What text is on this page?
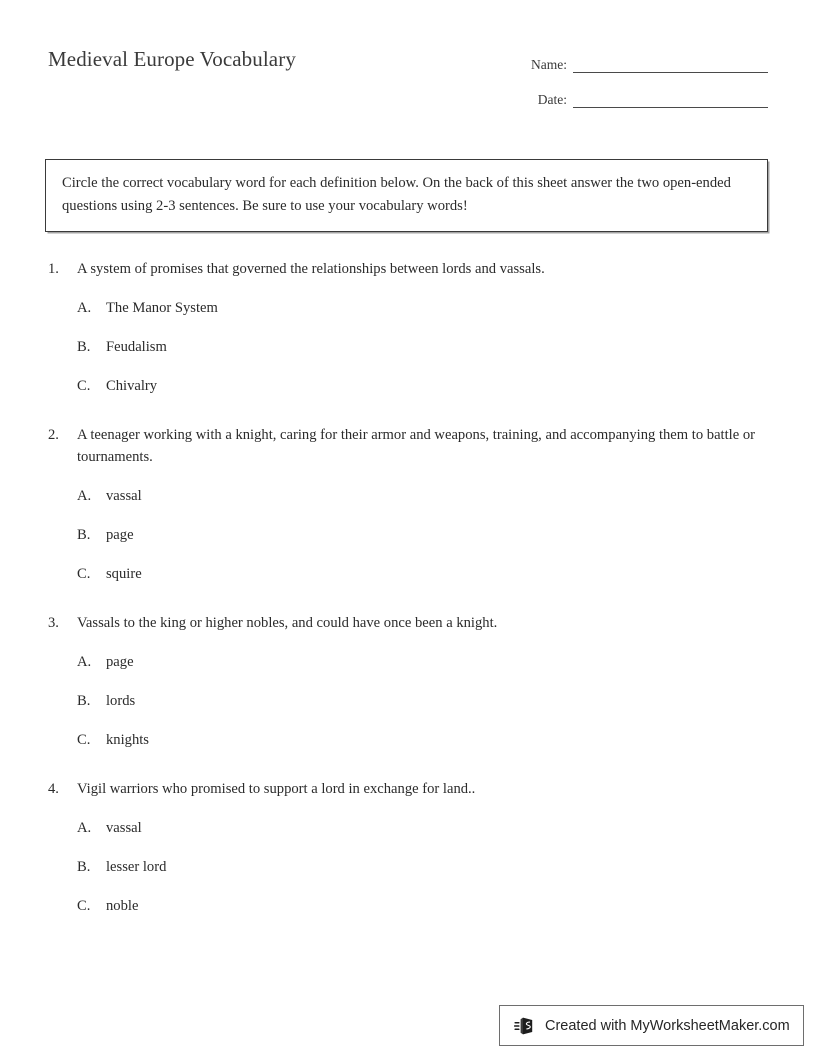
Medieval Europe Vocabulary	Name:
Date:

Circle the correct vocabulary word for each definition below. On the back of this sheet answer the two open-ended questions using 2-3 sentences. Be sure to use your vocabulary words!

1.	A system of promises that governed the relationships between lords and vassals.
A.	The Manor System
B.	Feudalism
C.	Chivalry
2.	A teenager working with a knight, caring for their armor and weapons, training, and accompanying them to battle or tournaments.
A.	vassal
B.	page
C.	squire
3.	Vassals to the king or higher nobles, and could have once been a knight.
A.	page
B.	lords
C.	knights
4.	Vigil warriors who promised to support a lord in exchange for land..
A.	vassal
B.	lesser lord
C.	noble
Created with MyWorksheetMaker.com
